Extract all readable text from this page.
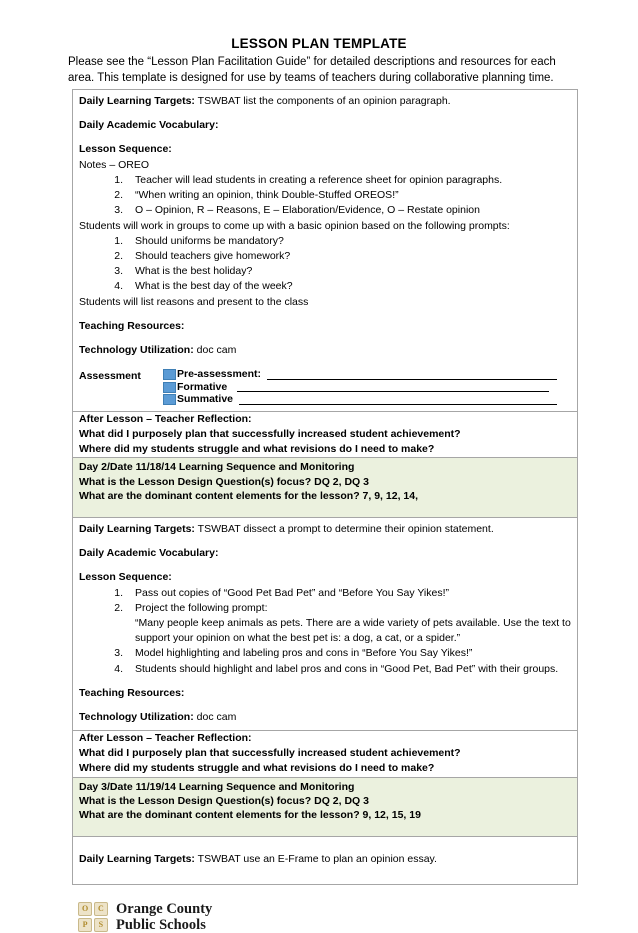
LESSON PLAN TEMPLATE
Please see the “Lesson Plan Facilitation Guide” for detailed descriptions and resources for each
area. This template is designed for use by teams of teachers during collaborative planning time.
Daily Learning Targets: TSWBAT list the components of an opinion paragraph.
Daily Academic Vocabulary:
Lesson Sequence:
Notes – OREO
1. Teacher will lead students in creating a reference sheet for opinion paragraphs.
2. “When writing an opinion, think Double-Stuffed OREOS!”
3. O – Opinion, R – Reasons, E – Elaboration/Evidence, O – Restate opinion
Students will work in groups to come up with a basic opinion based on the following prompts:
1. Should uniforms be mandatory?
2. Should teachers give homework?
3. What is the best holiday?
4. What is the best day of the week?
Students will list reasons and present to the class
Teaching Resources:
Technology Utilization: doc cam
Assessment	Pre-assessment:
Formative
Summative

After Lesson – Teacher Reflection:
What did I purposely plan that successfully increased student achievement?
Where did my students struggle and what revisions do I need to make?

Day 2/Date 11/18/14 Learning Sequence and Monitoring
What is the Lesson Design Question(s) focus? DQ 2, DQ 3
What are the dominant content elements for the lesson? 7, 9, 12, 14,

Daily Learning Targets: TSWBAT dissect a prompt to determine their opinion statement.
Daily Academic Vocabulary:
Lesson Sequence:
1. Pass out copies of “Good Pet Bad Pet” and “Before You Say Yikes!”
2. Project the following prompt:
“Many people keep animals as pets. There are a wide variety of pets available. Use the text to
support your opinion on what the best pet is: a dog, a cat, or a spider.”
3. Model highlighting and labeling pros and cons in “Before You Say Yikes!”
4. Students should highlight and label pros and cons in “Good Pet, Bad Pet” with their groups.
Teaching Resources:
Technology Utilization: doc cam

After Lesson – Teacher Reflection:
What did I purposely plan that successfully increased student achievement?
Where did my students struggle and what revisions do I need to make?

Day 3/Date 11/19/14 Learning Sequence and Monitoring
What is the Lesson Design Question(s) focus? DQ 2, DQ 3
What are the dominant content elements for the lesson? 9, 12, 15, 19

Daily Learning Targets: TSWBAT use an E-Frame to plan an opinion essay.
O	C
P	S
Orange County
Public Schools
